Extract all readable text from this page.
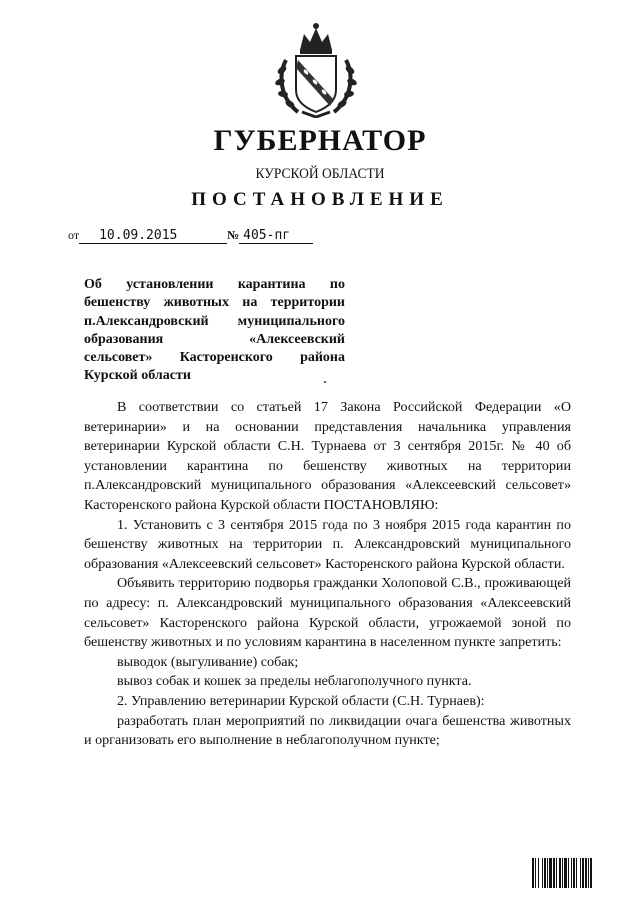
ГУБЕРНАТОР
КУРСКОЙ ОБЛАСТИ
ПОСТАНОВЛЕНИЕ
от 10.09.2015	№ 405-пг
Об установлении карантина по
бешенству животных на территории
п.Александровский муниципального
образования «Алексеевский
сельсовет» Касторенского района
Курской области

В соответствии со статьей 17 Закона Российской Федерации «О ветеринарии» и на основании представления начальника управления ветеринарии Курской области С.Н. Турнаева от 3 сентября 2015г. № 40 об установлении карантина по бешенству животных на территории п.Александровский муниципального образования «Алексеевский сельсовет» Касторенского района Курской области ПОСТАНОВЛЯЮ:

1. Установить с 3 сентября 2015 года по 3 ноября 2015 года карантин по бешенству животных на территории п. Александровский муниципального образования «Алексеевский сельсовет» Касторенского района Курской области.

Объявить территорию подворья гражданки Холоповой С.В., проживающей по адресу: п. Александровский муниципального образования «Алексеевский сельсовет» Касторенского района Курской области, угрожаемой зоной по бешенству животных и по условиям карантина в населенном пункте запретить:

выводок (выгуливание) собак;

вывоз собак и кошек за пределы неблагополучного пункта.

2. Управлению ветеринарии Курской области (С.Н. Турнаев):

разработать план мероприятий по ликвидации очага бешенства животных и организовать его выполнение в неблагополучном пункте;
